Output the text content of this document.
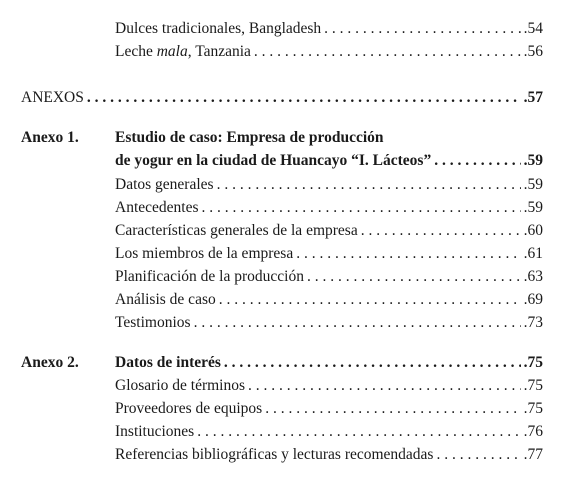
Dulces tradicionales, Bangladesh . . .	.54
Leche mala, Tanzania . . .	.56
ANEXOS . . .	.57
Anexo 1. Estudio de caso: Empresa de producción
de yogur en la ciudad de Huancayo “I. Lácteos” . . .	.59
Datos generales . . .	.59
Antecedentes . . .	.59
Características generales de la empresa . . .	.60
Los miembros de la empresa . . .	.61
Planificación de la producción . . .	.63
Análisis de caso . . .	.69
Testimonios . . .	.73
Anexo 2. Datos de interés . . .	.75
Glosario de términos . . .	.75
Proveedores de equipos . . .	.75
Instituciones . . .	.76
Referencias bibliográficas y lecturas recomendadas . . .	.77
